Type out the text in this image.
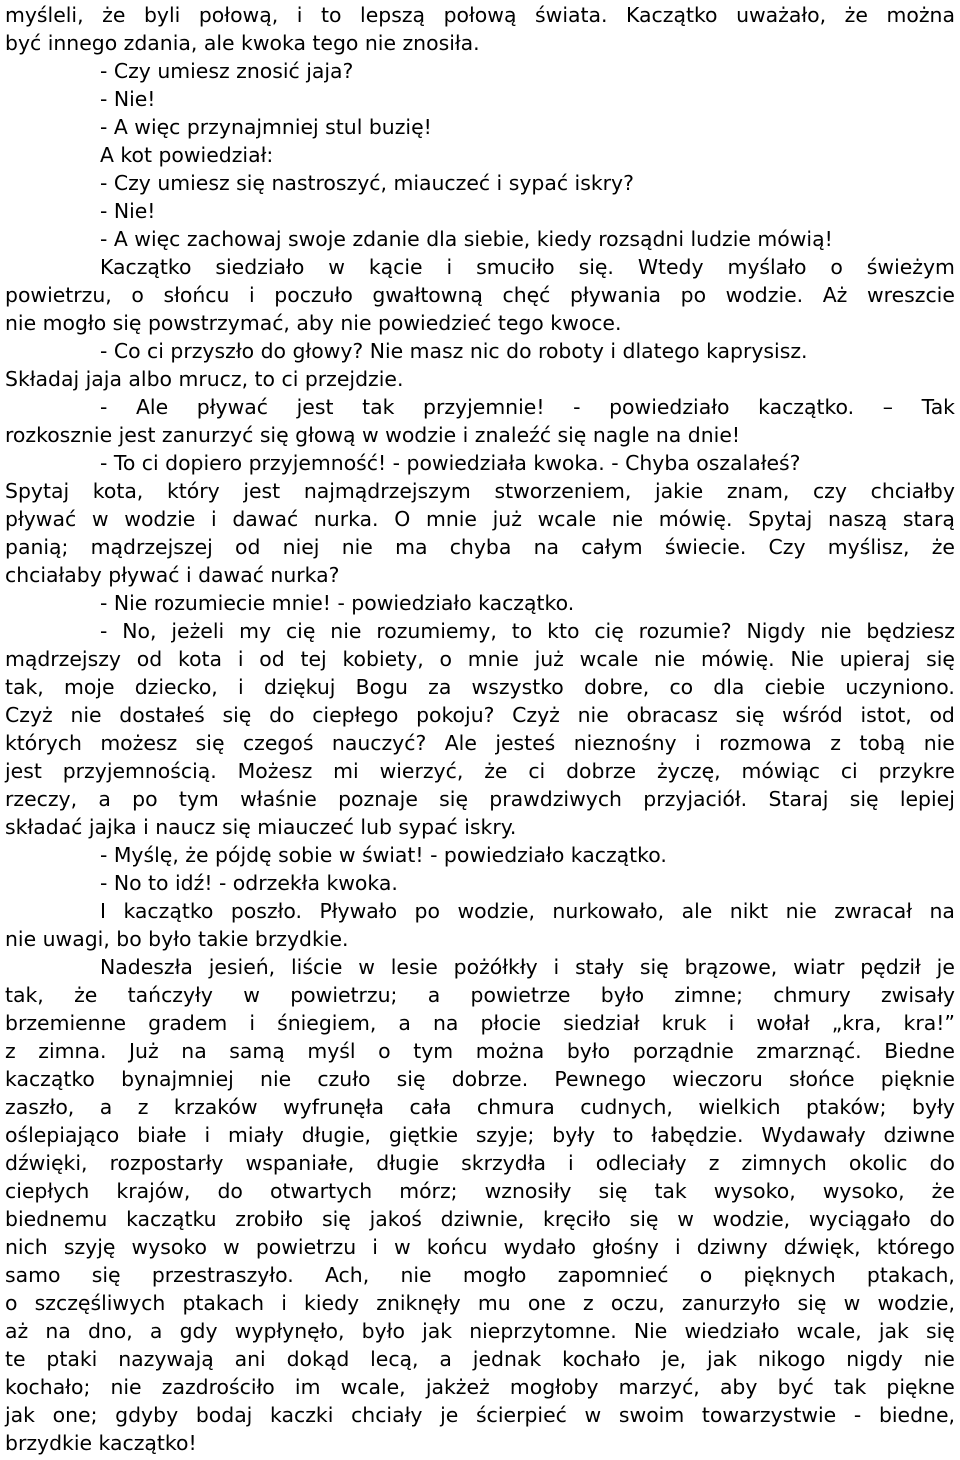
myśleli, że byli połową, i to lepszą połową świata. Kaczątko uważało, że można
być innego zdania, ale kwoka tego nie znosiła.
- Czy umiesz znosić jaja?
- Nie!
- A więc przynajmniej stul buzię!
A kot powiedział:
- Czy umiesz się nastroszyć, miauczeć i sypać iskry?
- Nie!
- A więc zachowaj swoje zdanie dla siebie, kiedy rozsądni ludzie mówią!
Kaczątko siedziało w kącie i smuciło się. Wtedy myślało o świeżym
powietrzu, o słońcu i poczuło gwałtowną chęć pływania po wodzie. Aż wreszcie
nie mogło się powstrzymać, aby nie powiedzieć tego kwoce.
- Co ci przyszło do głowy? Nie masz nic do roboty i dlatego kaprysisz.
Składaj jaja albo mrucz, to ci przejdzie.
- Ale pływać jest tak przyjemnie! - powiedziało kaczątko. – Tak
rozkosznie jest zanurzyć się głową w wodzie i znaleźć się nagle na dnie!
- To ci dopiero przyjemność! - powiedziała kwoka. - Chyba oszalałeś?
Spytaj kota, który jest najmądrzejszym stworzeniem, jakie znam, czy chciałby
pływać w wodzie i dawać nurka. O mnie już wcale nie mówię. Spytaj naszą starą
panią; mądrzejszej od niej nie ma chyba na całym świecie. Czy myślisz, że
chciałaby pływać i dawać nurka?
- Nie rozumiecie mnie! - powiedziało kaczątko.
- No, jeżeli my cię nie rozumiemy, to kto cię rozumie? Nigdy nie będziesz
mądrzejszy od kota i od tej kobiety, o mnie już wcale nie mówię. Nie upieraj się
tak, moje dziecko, i dziękuj Bogu za wszystko dobre, co dla ciebie uczyniono.
Czyż nie dostałeś się do ciepłego pokoju? Czyż nie obracasz się wśród istot, od
których możesz się czegoś nauczyć? Ale jesteś nieznośny i rozmowa z tobą nie
jest przyjemnością. Możesz mi wierzyć, że ci dobrze życzę, mówiąc ci przykre
rzeczy, a po tym właśnie poznaje się prawdziwych przyjaciół. Staraj się lepiej
składać jajka i naucz się miauczeć lub sypać iskry.
- Myślę, że pójdę sobie w świat! - powiedziało kaczątko.
- No to idź! - odrzekła kwoka.
I kaczątko poszło. Pływało po wodzie, nurkowało, ale nikt nie zwracał na
nie uwagi, bo było takie brzydkie.
Nadeszła jesień, liście w lesie pożółkły i stały się brązowe, wiatr pędził je
tak, że tańczyły w powietrzu; a powietrze było zimne; chmury zwisały
brzemienne gradem i śniegiem, a na płocie siedział kruk i wołał „kra, kra!”
z zimna. Już na samą myśl o tym można było porządnie zmarznąć. Biedne
kaczątko bynajmniej nie czuło się dobrze. Pewnego wieczoru słońce pięknie
zaszło, a z krzaków wyfrunęła cała chmura cudnych, wielkich ptaków; były
oślepiająco białe i miały długie, giętkie szyje; były to łabędzie. Wydawały dziwne
dźwięki, rozpostarły wspaniałe, długie skrzydła i odleciały z zimnych okolic do
ciepłych krajów, do otwartych mórz; wznosiły się tak wysoko, wysoko, że
biednemu kaczątku zrobiło się jakoś dziwnie, kręciło się w wodzie, wyciągało do
nich szyję wysoko w powietrzu i w końcu wydało głośny i dziwny dźwięk, którego
samo się przestraszyło. Ach, nie mogło zapomnieć o pięknych ptakach,
o szczęśliwych ptakach i kiedy zniknęły mu one z oczu, zanurzyło się w wodzie,
aż na dno, a gdy wypłynęło, było jak nieprzytomne. Nie wiedziało wcale, jak się
te ptaki nazywają ani dokąd lecą, a jednak kochało je, jak nikogo nigdy nie
kochało; nie zazdrościło im wcale, jakżeż mogłoby marzyć, aby być tak piękne
jak one; gdyby bodaj kaczki chciały je ścierpieć w swoim towarzystwie - biedne,
brzydkie kaczątko!
